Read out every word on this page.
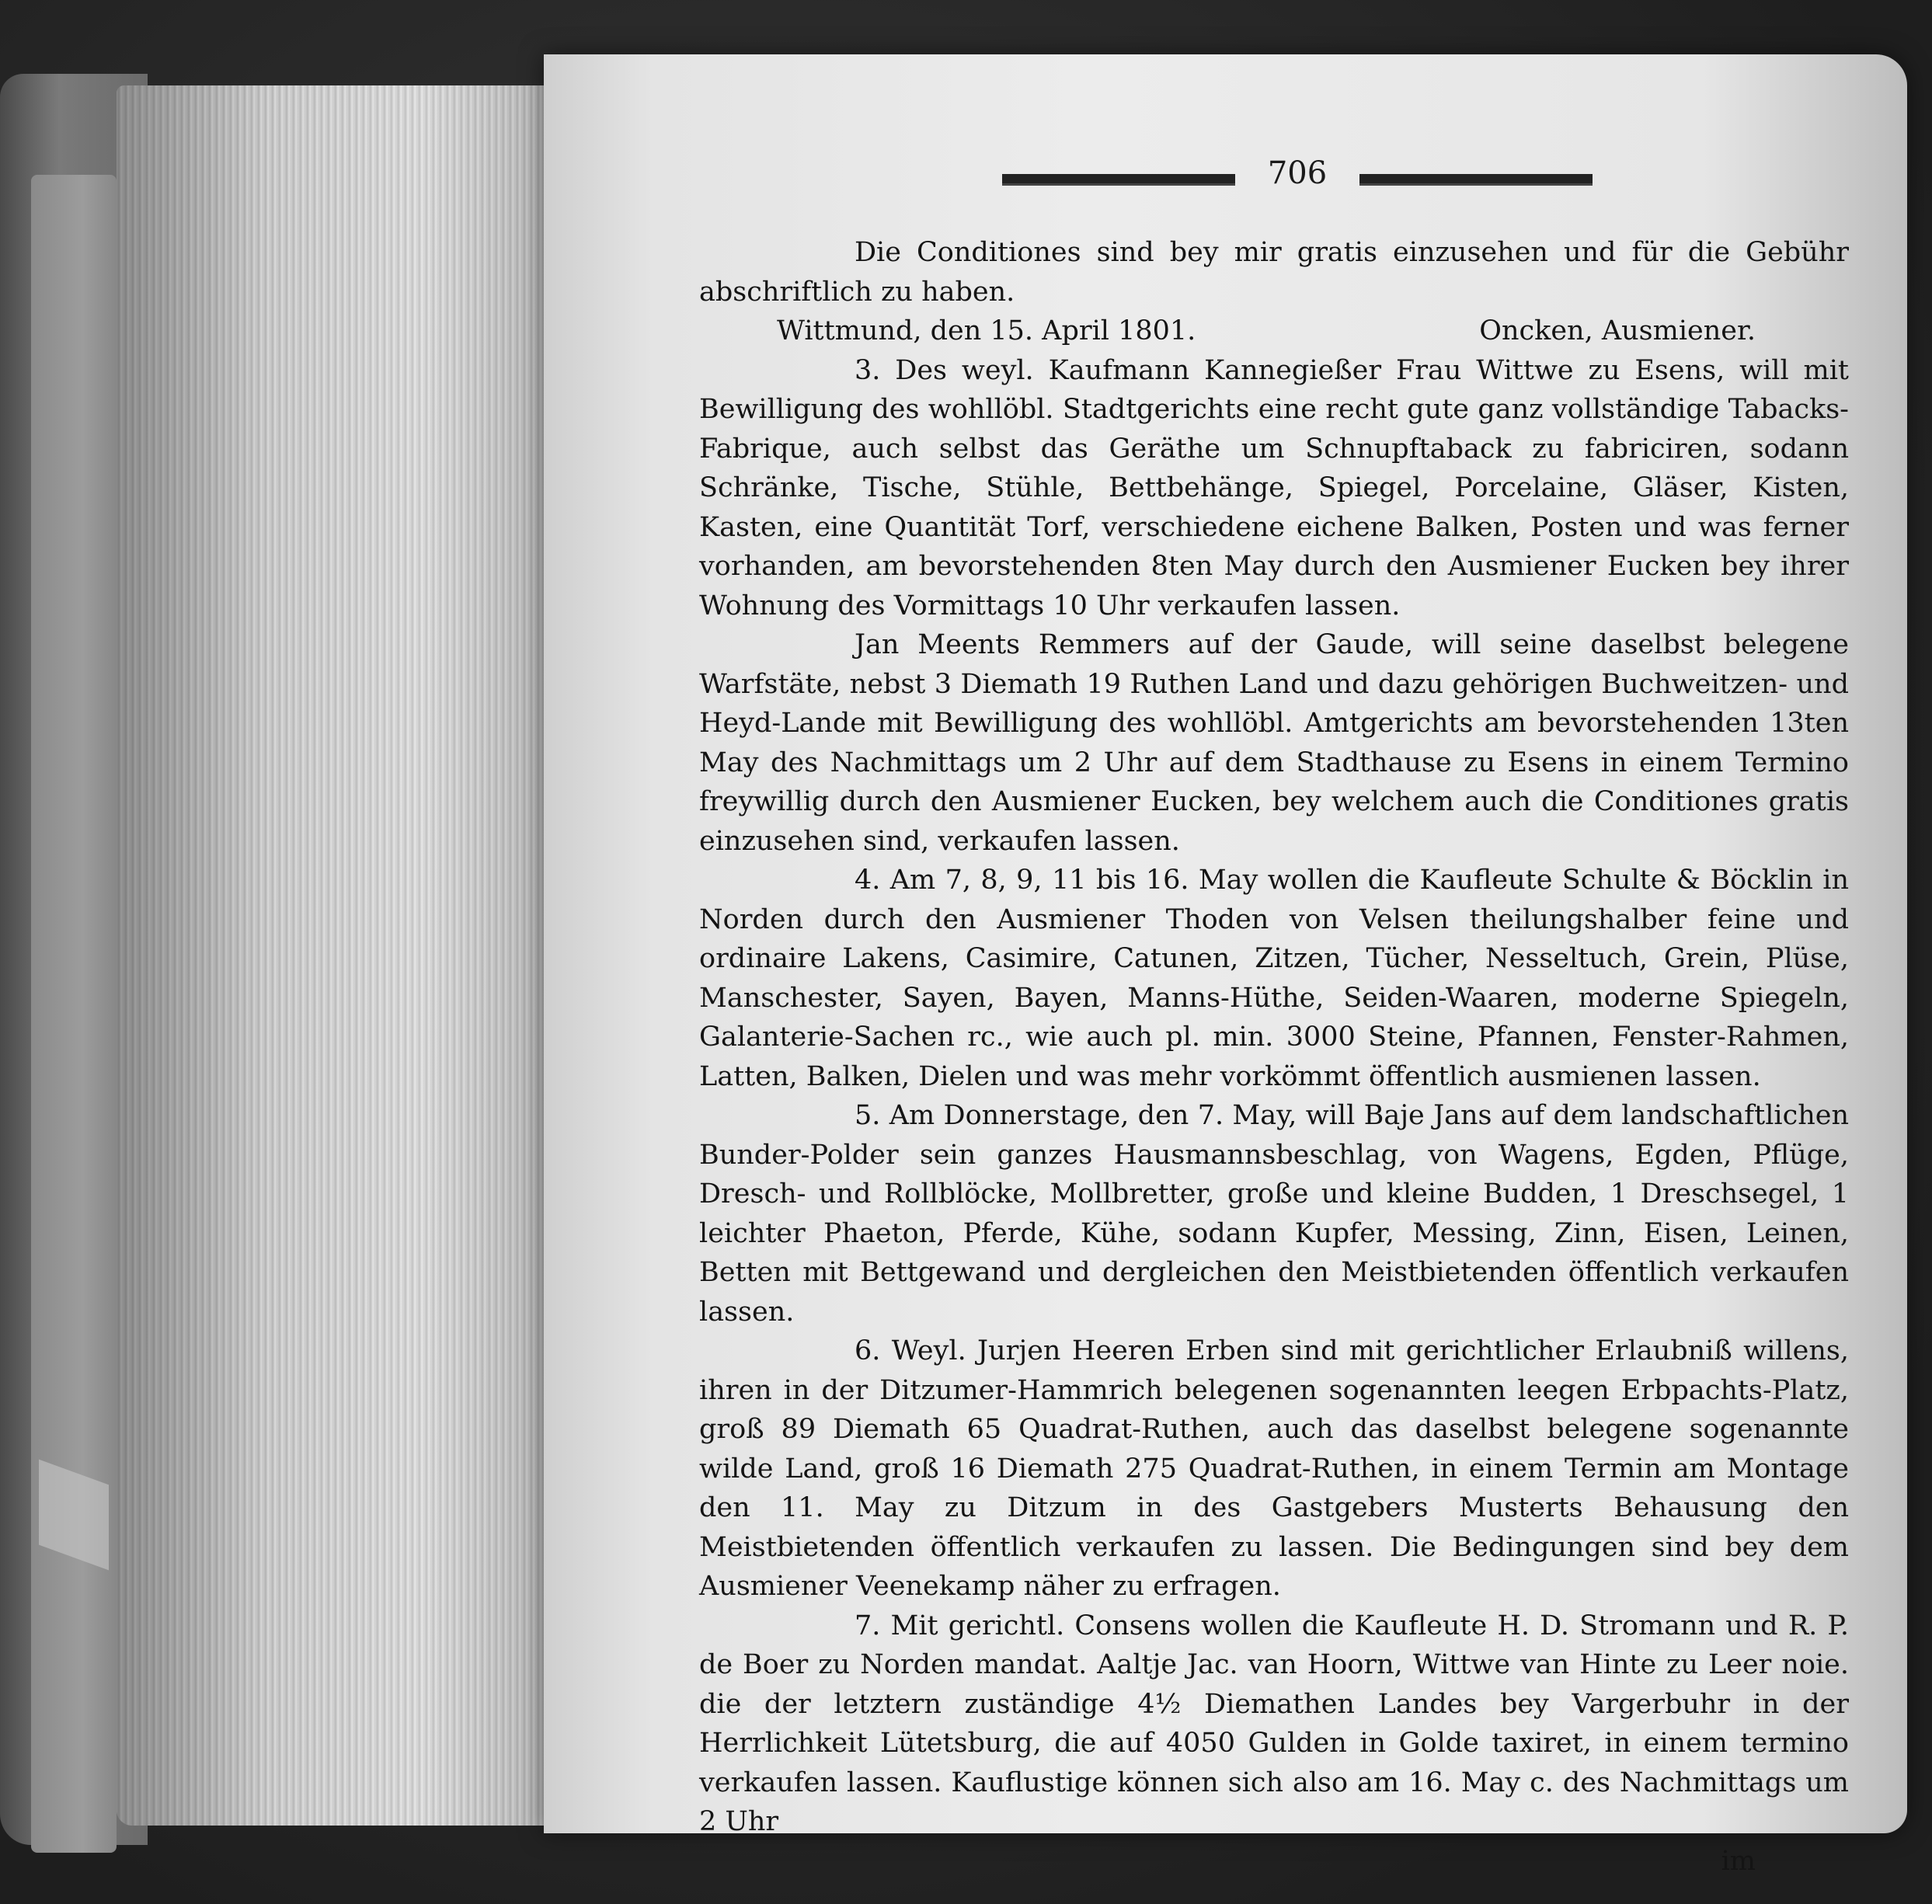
706

Die Conditiones sind bey mir gratis einzusehen und für die Gebühr abschriftlich zu haben.

Wittmund, den 15. April 1801.	Oncken, Ausmiener.

3. Des weyl. Kaufmann Kannegießer Frau Wittwe zu Esens, will mit Bewilligung des wohllöbl. Stadtgerichts eine recht gute ganz vollständige Tabacks-Fabrique, auch selbst das Geräthe um Schnupftaback zu fabriciren, sodann Schränke, Tische, Stühle, Bettbehänge, Spiegel, Porcelaine, Gläser, Kisten, Kasten, eine Quantität Torf, verschiedene eichene Balken, Posten und was ferner vorhanden, am bevorstehenden 8ten May durch den Ausmiener Eucken bey ihrer Wohnung des Vormittags 10 Uhr verkaufen lassen.

Jan Meents Remmers auf der Gaude, will seine daselbst belegene Warfstäte, nebst 3 Diemath 19 Ruthen Land und dazu gehörigen Buchweitzen- und Heyd-Lande mit Bewilligung des wohllöbl. Amtgerichts am bevorstehenden 13ten May des Nachmittags um 2 Uhr auf dem Stadthause zu Esens in einem Termino freywillig durch den Ausmiener Eucken, bey welchem auch die Conditiones gratis einzusehen sind, verkaufen lassen.

4. Am 7, 8, 9, 11 bis 16. May wollen die Kaufleute Schulte & Böcklin in Norden durch den Ausmiener Thoden von Velsen theilungshalber feine und ordinaire Lakens, Casimire, Catunen, Zitzen, Tücher, Nesseltuch, Grein, Plüse, Manschester, Sayen, Bayen, Manns-Hüthe, Seiden-Waaren, moderne Spiegeln, Galanterie-Sachen rc., wie auch pl. min. 3000 Steine, Pfannen, Fenster-Rahmen, Latten, Balken, Dielen und was mehr vorkömmt öffentlich ausmienen lassen.

5. Am Donnerstage, den 7. May, will Baje Jans auf dem landschaftlichen Bunder-Polder sein ganzes Hausmannsbeschlag, von Wagens, Egden, Pflüge, Dresch- und Rollblöcke, Mollbretter, große und kleine Budden, 1 Dreschsegel, 1 leichter Phaeton, Pferde, Kühe, sodann Kupfer, Messing, Zinn, Eisen, Leinen, Betten mit Bettgewand und dergleichen den Meistbietenden öffentlich verkaufen lassen.

6. Weyl. Jurjen Heeren Erben sind mit gerichtlicher Erlaubniß willens, ihren in der Ditzumer-Hammrich belegenen sogenannten leegen Erbpachts-Platz, groß 89 Diemath 65 Quadrat-Ruthen, auch das daselbst belegene sogenannte wilde Land, groß 16 Diemath 275 Quadrat-Ruthen, in einem Termin am Montage den 11. May zu Ditzum in des Gastgebers Musterts Behausung den Meistbietenden öffentlich verkaufen zu lassen. Die Bedingungen sind bey dem Ausmiener Veenekamp näher zu erfragen.

7. Mit gerichtl. Consens wollen die Kaufleute H. D. Stromann und R. P. de Boer zu Norden mandat. Aaltje Jac. van Hoorn, Wittwe van Hinte zu Leer noie. die der letztern zuständige 4½ Diemathen Landes bey Vargerbuhr in der Herrlichkeit Lütetsburg, die auf 4050 Gulden in Golde taxiret, in einem termino verkaufen lassen. Kauflustige können sich also am 16. May c. des Nachmittags um 2 Uhr

im
